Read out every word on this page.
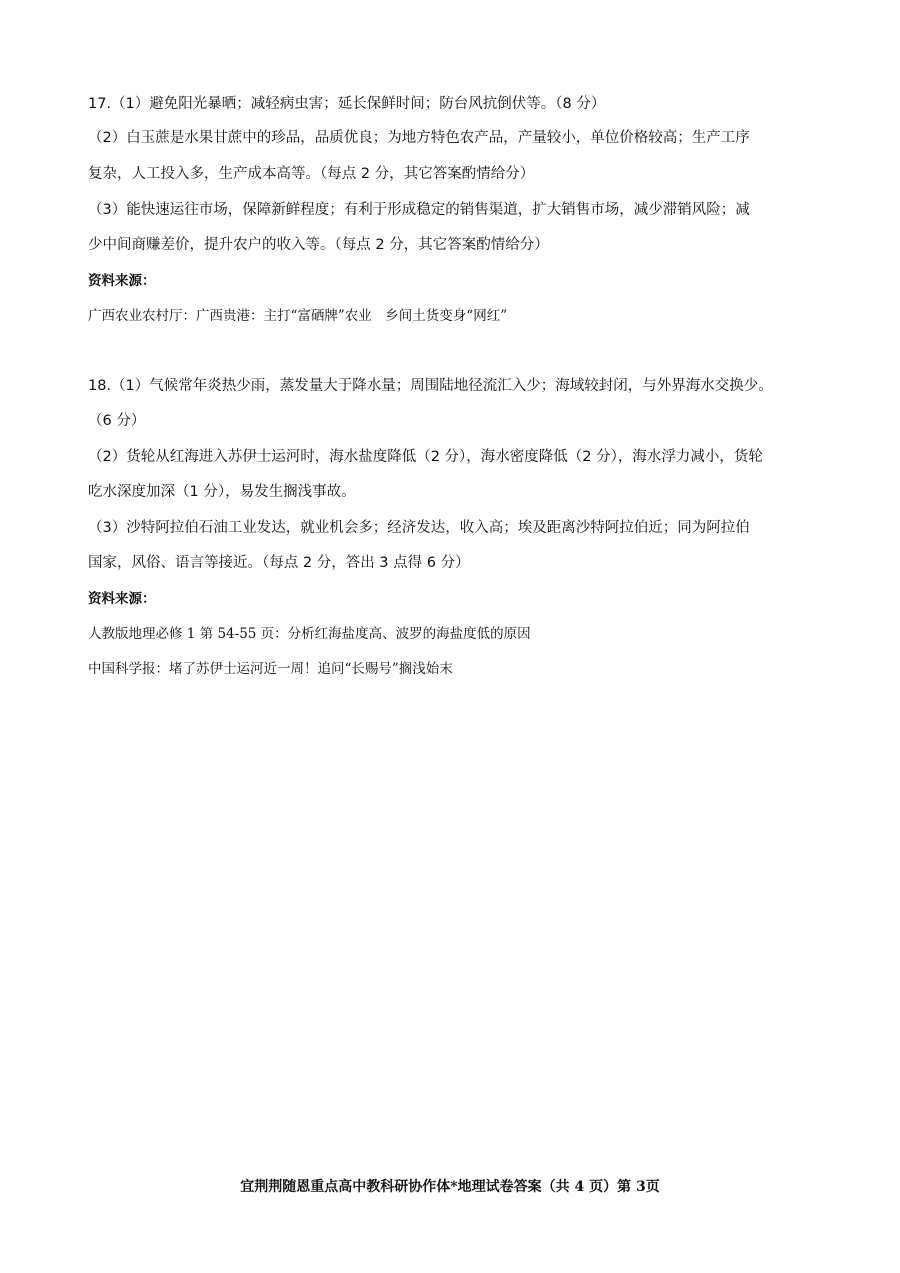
17.（1）避免阳光暴晒；减轻病虫害；延长保鲜时间；防台风抗倒伏等。（8 分）
（2）白玉蔗是水果甘蔗中的珍品，品质优良；为地方特色农产品，产量较小，单位价格较高；生产工序
复杂，人工投入多，生产成本高等。（每点 2 分，其它答案酌情给分）
（3）能快速运往市场，保障新鲜程度；有利于形成稳定的销售渠道，扩大销售市场，减少滞销风险；减
少中间商赚差价，提升农户的收入等。（每点 2 分，其它答案酌情给分）
资料来源：
广西农业农村厅：广西贵港：主打“富硒牌”农业　乡间土货变身“网红”
18.（1）气候常年炎热少雨，蒸发量大于降水量；周围陆地径流汇入少；海域较封闭，与外界海水交换少。
（6 分）
（2）货轮从红海进入苏伊士运河时，海水盐度降低（2 分），海水密度降低（2 分），海水浮力减小，货轮
吃水深度加深（1 分），易发生搁浅事故。
（3）沙特阿拉伯石油工业发达，就业机会多；经济发达，收入高；埃及距离沙特阿拉伯近；同为阿拉伯
国家，风俗、语言等接近。（每点 2 分，答出 3 点得 6 分）
资料来源：
人教版地理必修 1 第 54-55 页：分析红海盐度高、波罗的海盐度低的原因
中国科学报：堵了苏伊士运河近一周！追问“长赐号”搁浅始末
宜荆荆随恩重点高中教科研协作体*地理试卷答案（共 4 页）第 3页
